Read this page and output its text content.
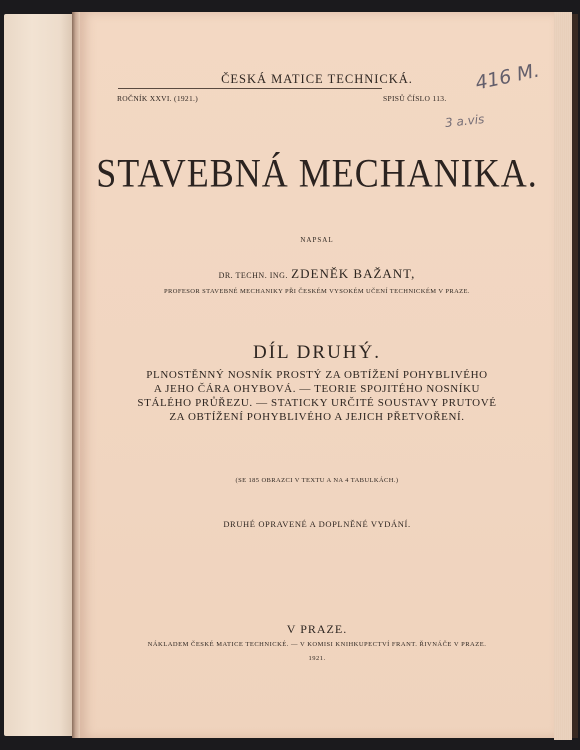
ČESKÁ MATICE TECHNICKÁ.
ROČNÍK XXVI. (1921.)	SPISŮ ČÍSLO 113.
416 M.
3 a.vis
STAVEBNÁ MECHANIKA.
NAPSAL
DR. TECHN. ING. ZDENĚK BAŽANT,
PROFESOR STAVEBNÉ MECHANIKY PŘI ČESKÉM VYSOKÉM UČENÍ TECHNICKÉM V PRAZE.
DÍL DRUHÝ.
PLNOSTĚNNÝ NOSNÍK PROSTÝ ZA OBTÍŽENÍ POHYBLIVÉHO
A JEHO ČÁRA OHYBOVÁ. — TEORIE SPOJITÉHO NOSNÍKU
STÁLÉHO PRŮŘEZU. — STATICKY URČITÉ SOUSTAVY PRUTOVÉ
ZA OBTÍŽENÍ POHYBLIVÉHO A JEJICH PŘETVOŘENÍ.
(SE 185 OBRAZCI V TEXTU A NA 4 TABULKÁCH.)
DRUHÉ OPRAVENÉ A DOPLNĚNÉ VYDÁNÍ.
V PRAZE.
NÁKLADEM ČESKÉ MATICE TECHNICKÉ. — V KOMISI KNIHKUPECTVÍ FRANT. ŘIVNÁČE V PRAZE.
1921.
